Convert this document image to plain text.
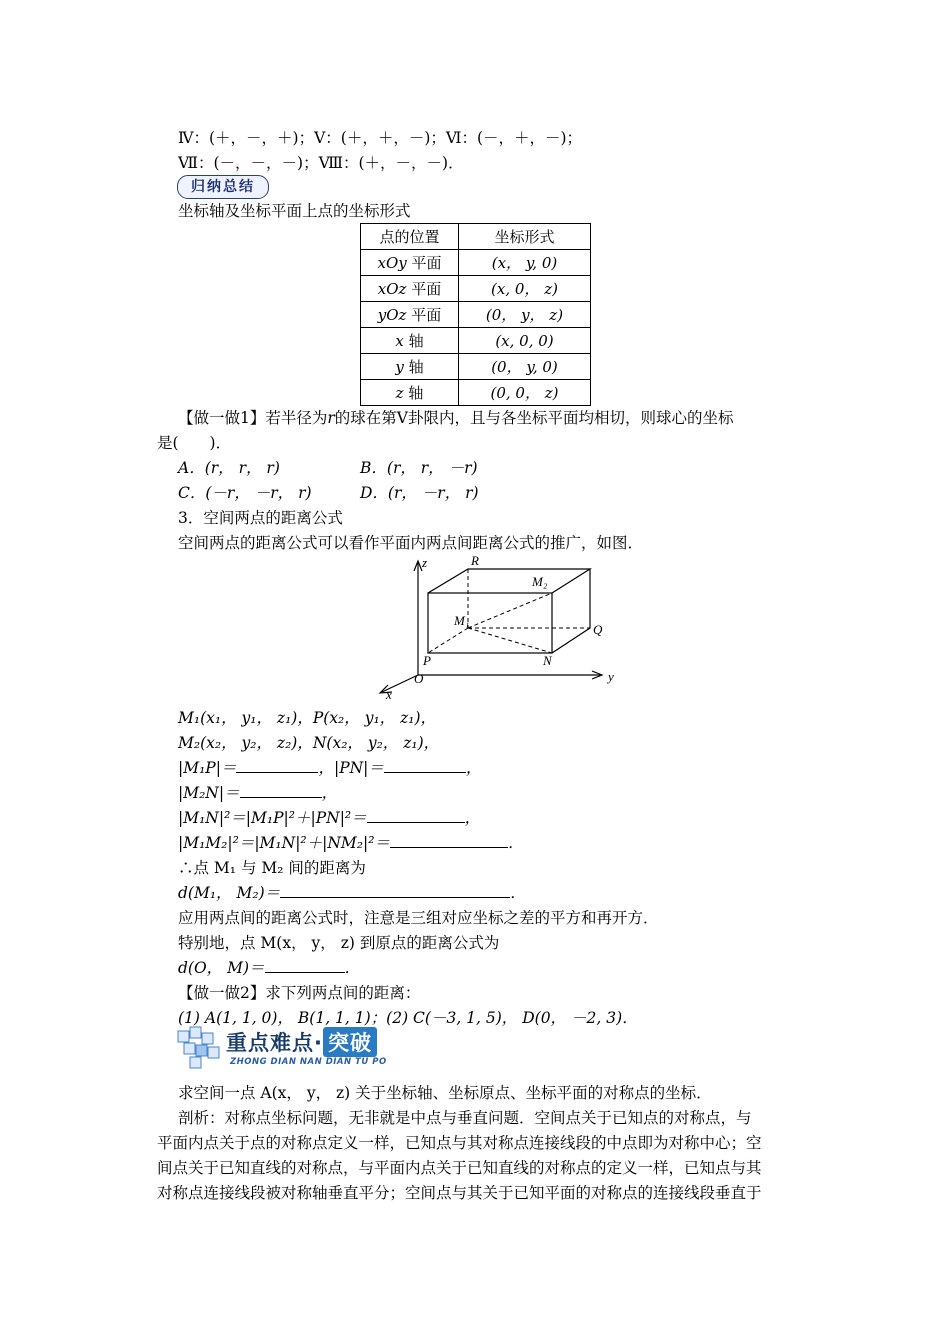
Ⅳ：(＋，－，＋)；Ⅴ：(＋，＋，－)；Ⅵ：(－，＋，－)；
Ⅶ：(－，－，－)；Ⅷ：(＋，－，－)．
归纳总结
坐标轴及坐标平面上点的坐标形式
点的位置	坐标形式
xOy 平面	(x， y, 0)
xOz 平面	(x, 0， z)
yOz 平面	(0， y， z)
x 轴	(x, 0, 0)
y 轴	(0， y, 0)
z 轴	(0, 0， z)
【做一做1】若半径为r的球在第Ⅴ卦限内，且与各坐标平面均相切，则球心的坐标
是(　　)．
A．(r， r， r)	B．(r， r， －r)
C．(－r， －r， r)	D．(r， －r， r)
3．空间两点的距离公式
空间两点的距离公式可以看作平面内两点间距离公式的推广，如图．
z
y
x
O
R
M₂
M₁
Q
P	N
M₁(x₁， y₁， z₁)，P(x₂， y₁， z₁)，
M₂(x₂， y₂， z₂)，N(x₂， y₂， z₁)，
|M₁P|＝	，|PN|＝	，
|M₂N|＝	，
|M₁N|²＝|M₁P|²＋|PN|²＝	，
|M₁M₂|²＝|M₁N|²＋|NM₂|²＝	．
∴点 M₁ 与 M₂ 间的距离为
d(M₁， M₂)＝	．
应用两点间的距离公式时，注意是三组对应坐标之差的平方和再开方．
特别地，点 M(x， y， z) 到原点的距离公式为
d(O， M)＝	．
【做一做2】求下列两点间的距离：
(1) A(1, 1, 0)， B(1, 1, 1)；(2) C(－3, 1, 5)， D(0， －2, 3)．
重点难点· 突破
ZHONG DIAN NAN DIAN TU PO
求空间一点 A(x， y， z) 关于坐标轴、坐标原点、坐标平面的对称点的坐标．
剖析：对称点坐标问题，无非就是中点与垂直问题．空间点关于已知点的对称点，与
平面内点关于点的对称点定义一样，已知点与其对称点连接线段的中点即为对称中心；空
间点关于已知直线的对称点，与平面内点关于已知直线的对称点的定义一样，已知点与其
对称点连接线段被对称轴垂直平分；空间点与其关于已知平面的对称点的连接线段垂直于
